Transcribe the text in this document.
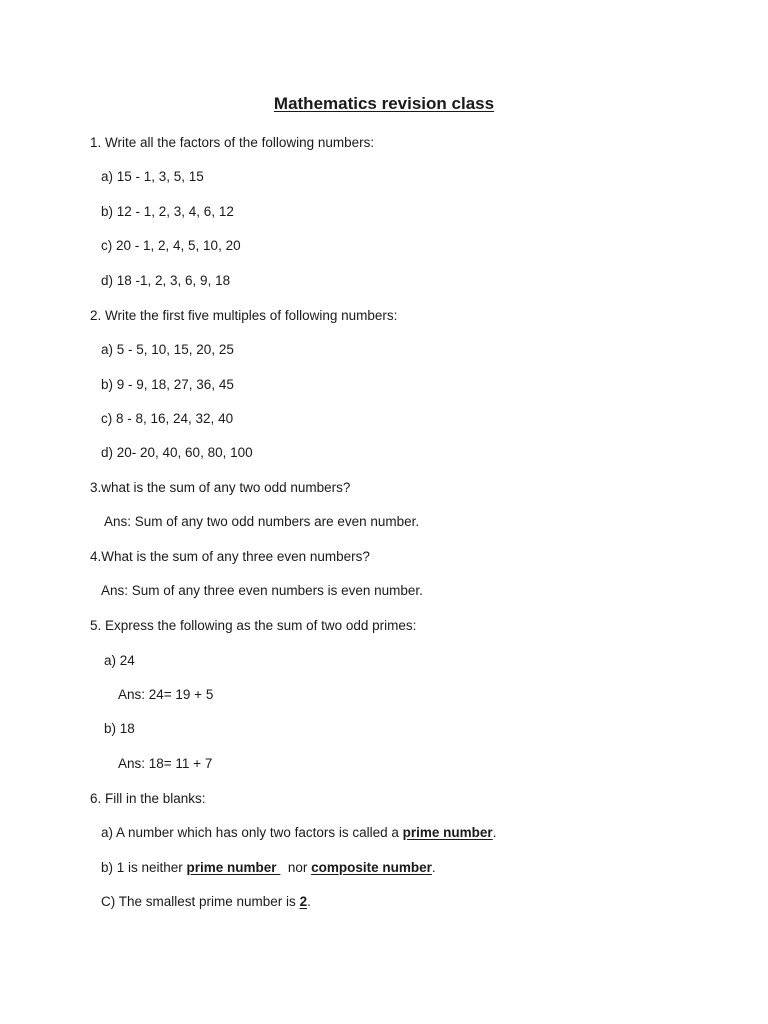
Mathematics revision class
1. Write all the factors of the following numbers:
a) 15 - 1, 3, 5, 15
b) 12 - 1, 2, 3, 4, 6, 12
c) 20 - 1, 2, 4, 5, 10, 20
d) 18 -1, 2, 3, 6, 9, 18
2. Write the first five multiples of following numbers:
a) 5 - 5, 10, 15, 20, 25
b) 9 - 9, 18, 27, 36, 45
c) 8 - 8, 16, 24, 32, 40
d) 20- 20, 40, 60, 80, 100
3.what is the sum of any two odd numbers?
Ans: Sum of any two odd numbers are even number.
4.What is the sum of any three even numbers?
Ans: Sum of any three even numbers is even number.
5. Express the following as the sum of two odd primes:
a) 24
Ans: 24= 19 + 5
b) 18
Ans: 18= 11 + 7
6. Fill in the blanks:
a) A number which has only two factors is called a prime number.
b) 1 is neither prime number   nor composite number.
C) The smallest prime number is 2.
